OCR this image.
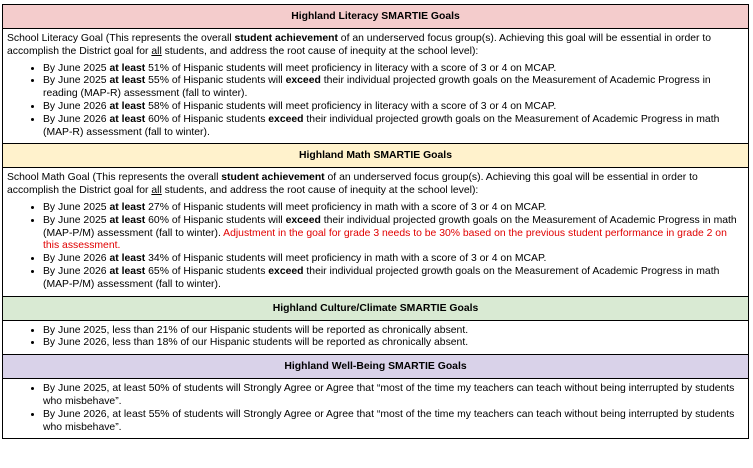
Highland Literacy SMARTIE Goals

School Literacy Goal (This represents the overall student achievement of an underserved focus group(s). Achieving this goal will be essential in order to accomplish the District goal for all students, and address the root cause of inequity at the school level):
• By June 2025 at least 51% of Hispanic students will meet proficiency in literacy with a score of 3 or 4 on MCAP.
• By June 2025 at least 55% of Hispanic students will exceed their individual projected growth goals on the Measurement of Academic Progress in reading (MAP-R) assessment (fall to winter).
• By June 2026 at least 58% of Hispanic students will meet proficiency in literacy with a score of 3 or 4 on MCAP.
• By June 2026 at least 60% of Hispanic students exceed their individual projected growth goals on the Measurement of Academic Progress in math (MAP-R) assessment (fall to winter).

Highland Math SMARTIE Goals

School Math Goal (This represents the overall student achievement of an underserved focus group(s). Achieving this goal will be essential in order to accomplish the District goal for all students, and address the root cause of inequity at the school level):
• By June 2025 at least 27% of Hispanic students will meet proficiency in math with a score of 3 or 4 on MCAP.
• By June 2025 at least 60% of Hispanic students will exceed their individual projected growth goals on the Measurement of Academic Progress in math (MAP-P/M) assessment (fall to winter). Adjustment in the goal for grade 3 needs to be 30% based on the previous student performance in grade 2 on this assessment.
• By June 2026 at least 34% of Hispanic students will meet proficiency in math with a score of 3 or 4 on MCAP.
• By June 2026 at least 65% of Hispanic students exceed their individual projected growth goals on the Measurement of Academic Progress in math (MAP-P/M) assessment (fall to winter).

Highland Culture/Climate SMARTIE Goals

• By June 2025, less than 21% of our Hispanic students will be reported as chronically absent.
• By June 2026, less than 18% of our Hispanic students will be reported as chronically absent.

Highland Well-Being SMARTIE Goals

• By June 2025, at least 50% of students will Strongly Agree or Agree that “most of the time my teachers can teach without being interrupted by students who misbehave”.
• By June 2026, at least 55% of students will Strongly Agree or Agree that “most of the time my teachers can teach without being interrupted by students who misbehave”.
